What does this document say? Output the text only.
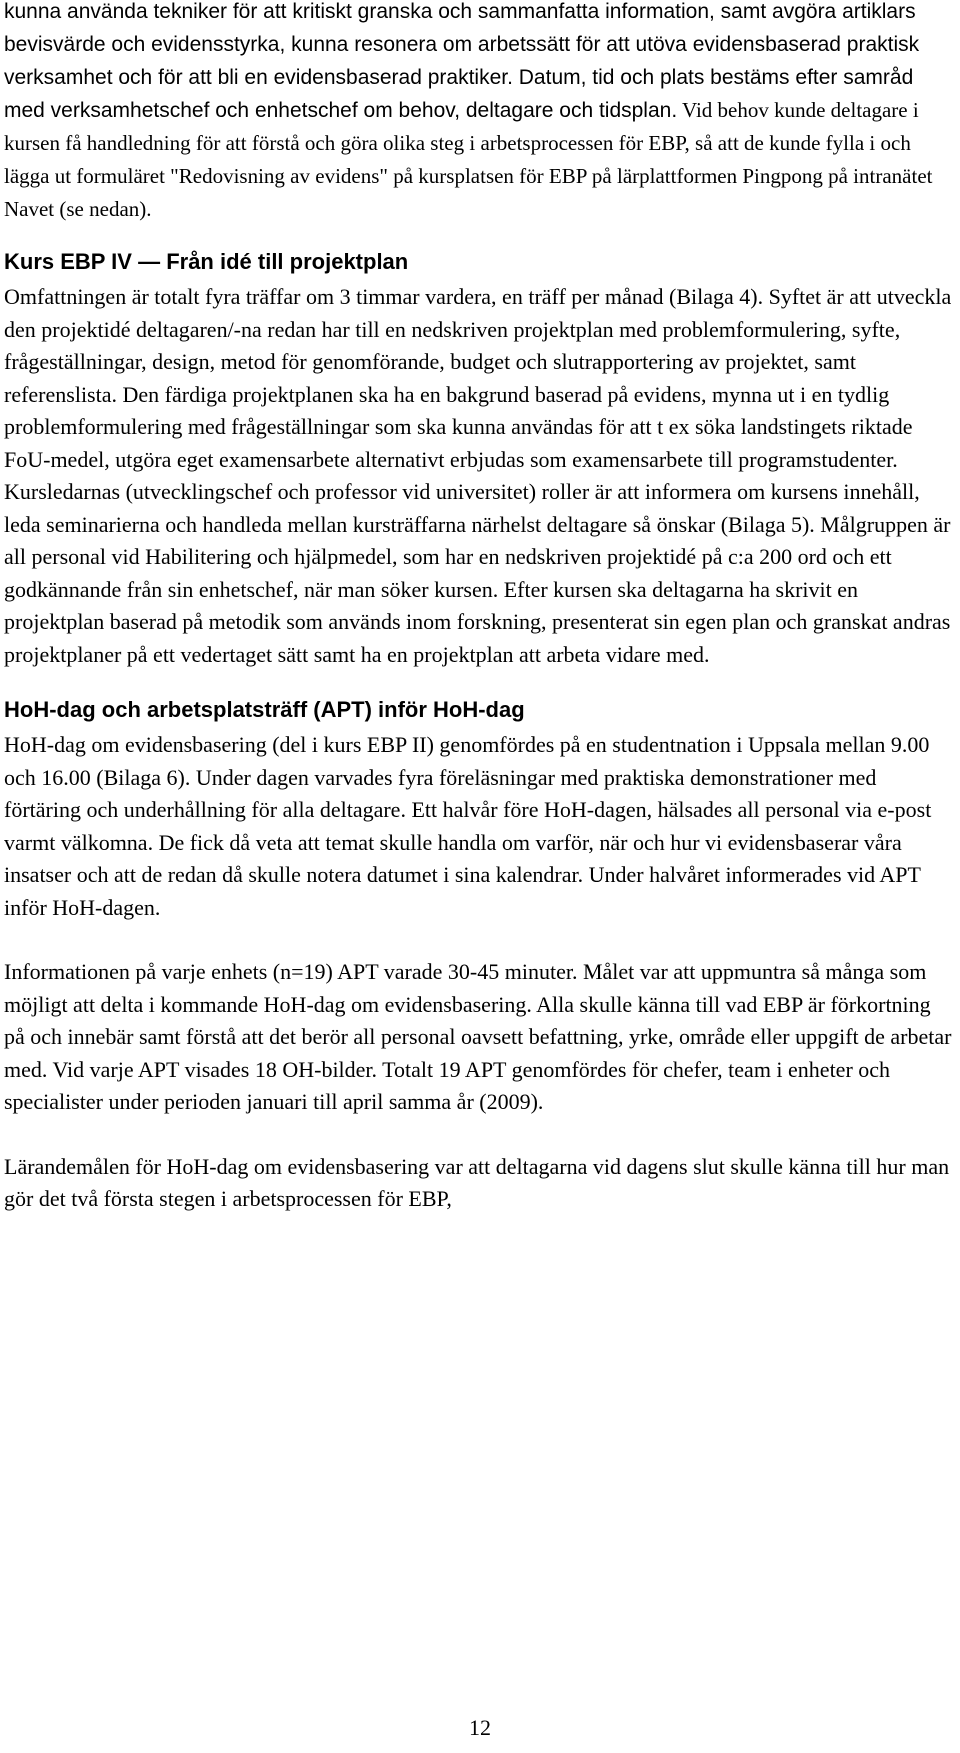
kunna använda tekniker för att kritiskt granska och sammanfatta information, samt avgöra artiklars bevisvärde och evidensstyrka, kunna resonera om arbetssätt för att utöva evidensbaserad praktisk verksamhet och för att bli en evidensbaserad praktiker. Datum, tid och plats bestäms efter samråd med verksamhetschef och enhetschef om behov, deltagare och tidsplan. Vid behov kunde deltagare i kursen få handledning för att förstå och göra olika steg i arbetsprocessen för EBP, så att de kunde fylla i och lägga ut formuläret "Redovisning av evidens" på kursplatsen för EBP på lärplattformen Pingpong på intranätet Navet (se nedan).

Kurs EBP IV — Från idé till projektplan

Omfattningen är totalt fyra träffar om 3 timmar vardera, en träff per månad (Bilaga 4). Syftet är att utveckla den projektidé deltagaren/-na redan har till en nedskriven projektplan med problemformulering, syfte, frågeställningar, design, metod för genomförande, budget och slutrapportering av projektet, samt referenslista. Den färdiga projektplanen ska ha en bakgrund baserad på evidens, mynna ut i en tydlig problemformulering med frågeställningar som ska kunna användas för att t ex söka landstingets riktade FoU-medel, utgöra eget examensarbete alternativt erbjudas som examensarbete till programstudenter. Kursledarnas (utvecklingschef och professor vid universitet) roller är att informera om kursens innehåll, leda seminarierna och handleda mellan kursträffarna närhelst deltagare så önskar (Bilaga 5). Målgruppen är all personal vid Habilitering och hjälpmedel, som har en nedskriven projektidé på c:a 200 ord och ett godkännande från sin enhetschef, när man söker kursen. Efter kursen ska deltagarna ha skrivit en projektplan baserad på metodik som används inom forskning, presenterat sin egen plan och granskat andras projektplaner på ett vedertaget sätt samt ha en projektplan att arbeta vidare med.

HoH-dag och arbetsplatsträff (APT) inför HoH-dag

HoH-dag om evidensbasering (del i kurs EBP II) genomfördes på en studentnation i Uppsala mellan 9.00 och 16.00 (Bilaga 6). Under dagen varvades fyra föreläsningar med praktiska demonstrationer med förtäring och underhållning för alla deltagare. Ett halvår före HoH-dagen, hälsades all personal via e-post varmt välkomna. De fick då veta att temat skulle handla om varför, när och hur vi evidensbaserar våra insatser och att de redan då skulle notera datumet i sina kalendrar. Under halvåret informerades vid APT inför HoH-dagen.

Informationen på varje enhets (n=19) APT varade 30-45 minuter. Målet var att uppmuntra så många som möjligt att delta i kommande HoH-dag om evidensbasering. Alla skulle känna till vad EBP är förkortning på och innebär samt förstå att det berör all personal oavsett befattning, yrke, område eller uppgift de arbetar med. Vid varje APT visades 18 OH-bilder. Totalt 19 APT genomfördes för chefer, team i enheter och specialister under perioden januari till april samma år (2009).

Lärandemålen för HoH-dag om evidensbasering var att deltagarna vid dagens slut skulle känna till hur man gör det två första stegen i arbetsprocessen för EBP,

12
